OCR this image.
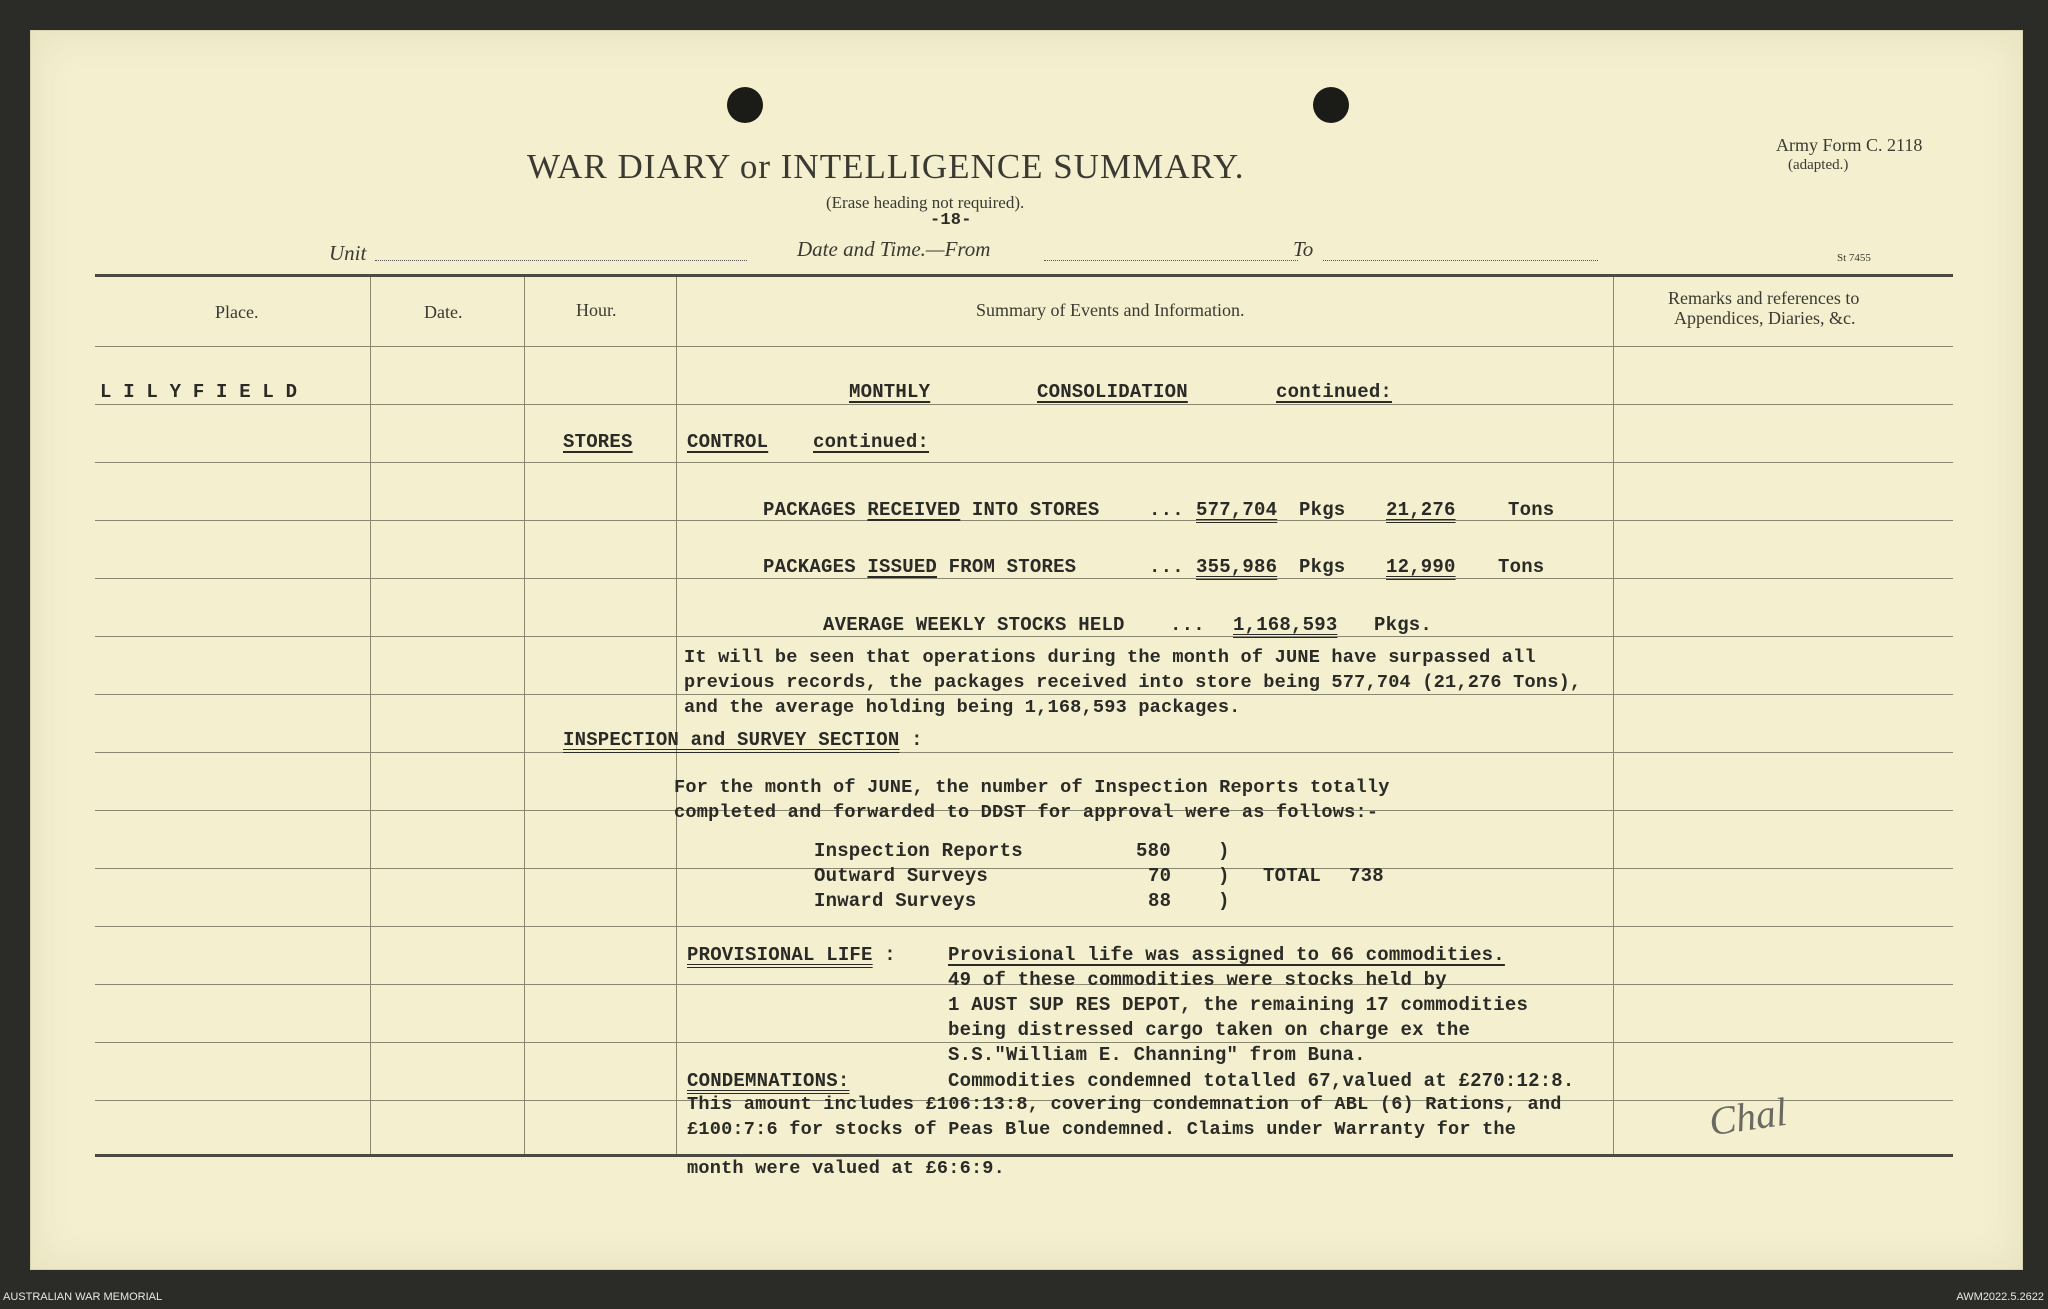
WAR DIARY or INTELLIGENCE SUMMARY.
(Erase heading not required).
Army Form C. 2118
(adapted.)
-18-
Unit	Date and Time.—From	To	St 7455
Place.	Date.	Hour.	Summary of Events and Information.
Remarks and references to
Appendices, Diaries, &c.
L I L Y F I E L D	MONTHLY	CONSOLIDATION	continued:
STORES	CONTROL continued:
PACKAGES RECEIVED INTO STORES	... 577,704 Pkgs 21,276	Tons
PACKAGES ISSUED FROM STORES	... 355,986 Pkgs 12,990 Tons
AVERAGE WEEKLY STOCKS HELD ... 1,168,593 Pkgs.
It will be seen that operations during the month of JUNE have surpassed all
previous records, the packages received into store being 577,704 (21,276 Tons),
and the average holding being 1,168,593 packages.
INSPECTION and SURVEY SECTION :
For the month of JUNE, the number of Inspection Reports totally
completed and forwarded to DDST for approval were as follows:-
Inspection Reports	580 )
Outward Surveys	70 ) TOTAL 738
Inward Surveys	88 )
PROVISIONAL LIFE :	Provisional life was assigned to 66 commodities.
49 of these commodities were stocks held by
1 AUST SUP RES DEPOT, the remaining 17 commodities
being distressed cargo taken on charge ex the
S.S."William E. Channing" from Buna.
CONDEMNATIONS:	Commodities condemned totalled 67,valued at £270:12:8.
This amount includes £106:13:8, covering condemnation of ABL (6) Rations, and
£100:7:6 for stocks of Peas Blue condemned. Claims under Warranty for the
month were valued at £6:6:9.
Chal
AUSTRALIAN WAR MEMORIAL	AWM2022.5.2622
